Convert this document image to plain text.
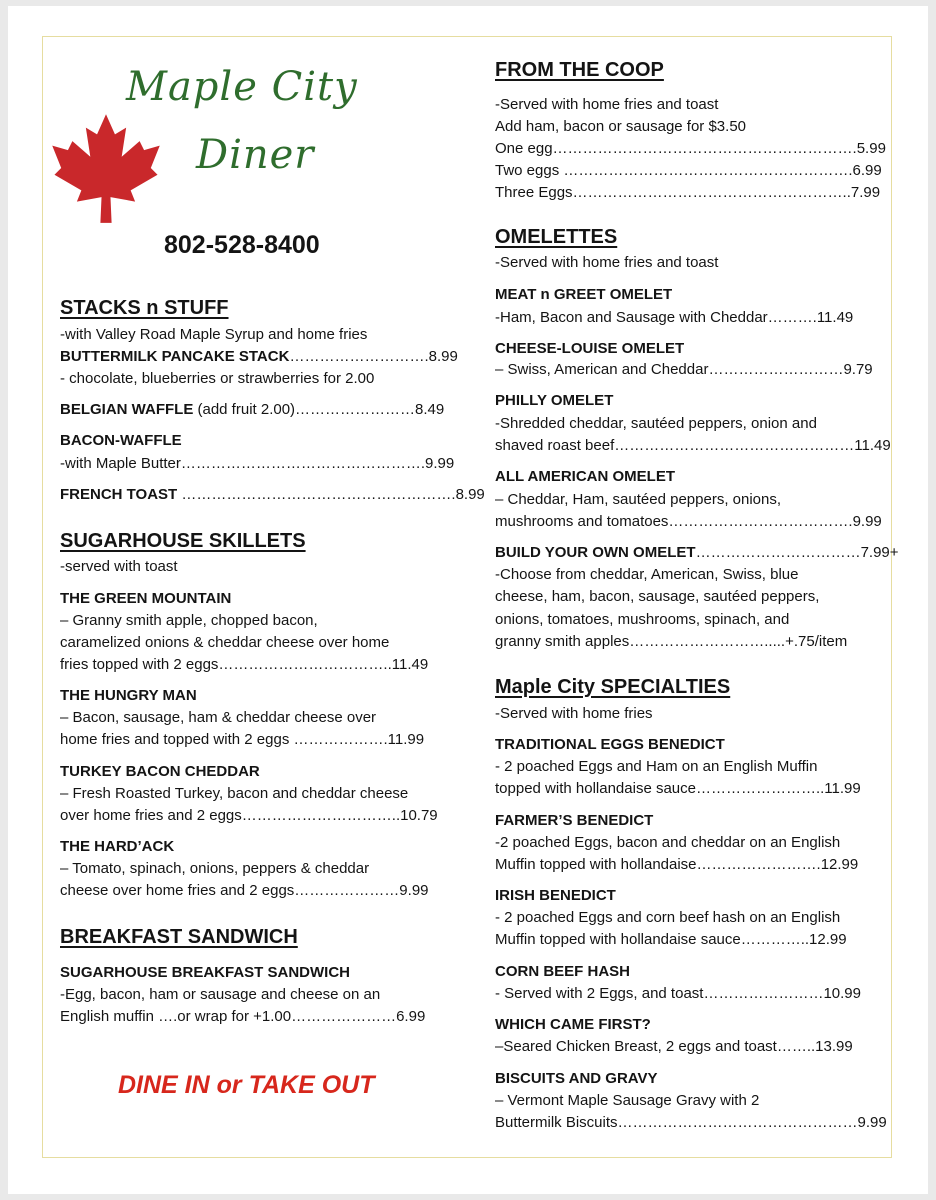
Maple City
Diner
802-528-8400
STACKS n STUFF
-with Valley Road Maple Syrup and home fries
BUTTERMILK PANCAKE STACK……………………….8.99
- chocolate, blueberries or strawberries for 2.00
BELGIAN WAFFLE (add fruit 2.00)……………………8.49
BACON-WAFFLE
-with Maple Butter………………………………………….9.99
FRENCH TOAST ……………………………………………….8.99
SUGARHOUSE SKILLETS
-served with toast
THE GREEN MOUNTAIN
– Granny smith apple, chopped bacon,
caramelized onions & cheddar cheese over home
fries topped with 2 eggs……………………………..11.49
THE HUNGRY MAN
– Bacon, sausage, ham & cheddar cheese over
home fries and topped with 2 eggs ……………….11.99
TURKEY BACON CHEDDAR
– Fresh Roasted Turkey, bacon and cheddar cheese
over home fries and 2 eggs…………………………..10.79
THE HARD’ACK
– Tomato, spinach, onions, peppers & cheddar
cheese over home fries and 2 eggs…………………9.99
BREAKFAST SANDWICH
SUGARHOUSE BREAKFAST SANDWICH
-Egg, bacon, ham or sausage and cheese on an
English muffin ….or wrap for +1.00…………………6.99
DINE IN or TAKE OUT
FROM THE COOP
-Served with home fries and toast
Add ham, bacon or sausage for $3.50
One egg…………………………………………………….5.99
Two eggs ………………………………………………….6.99
Three Eggs………………………………………………..7.99
OMELETTES
-Served with home fries and toast
MEAT n GREET OMELET
-Ham, Bacon and Sausage with Cheddar……….11.49
CHEESE-LOUISE OMELET
– Swiss, American and Cheddar………………………9.79
PHILLY OMELET
-Shredded cheddar, sautéed peppers, onion and
shaved roast beef…………………………………………11.49
ALL AMERICAN OMELET
– Cheddar, Ham, sautéed peppers, onions,
mushrooms and tomatoes……………………………….9.99
BUILD YOUR OWN OMELET……………………………7.99+
-Choose from cheddar, American, Swiss, blue
cheese, ham, bacon, sausage, sautéed peppers,
onions, tomatoes, mushrooms, spinach, and
granny smith apples……………………….....+.75/item
Maple City SPECIALTIES
-Served with home fries
TRADITIONAL EGGS BENEDICT
- 2 poached Eggs and Ham on an English Muffin
topped with hollandaise sauce……………………..11.99
FARMER’S BENEDICT
-2 poached Eggs, bacon and cheddar on an English
Muffin topped with hollandaise…………………….12.99
IRISH BENEDICT
- 2 poached Eggs and corn beef hash on an English
Muffin topped with hollandaise sauce…………..12.99
CORN BEEF HASH
- Served with 2 Eggs, and toast……………………10.99
WHICH CAME FIRST?
–Seared Chicken Breast, 2 eggs and toast……..13.99
BISCUITS AND GRAVY
– Vermont Maple Sausage Gravy with 2
Buttermilk Biscuits…………………………………………9.99
